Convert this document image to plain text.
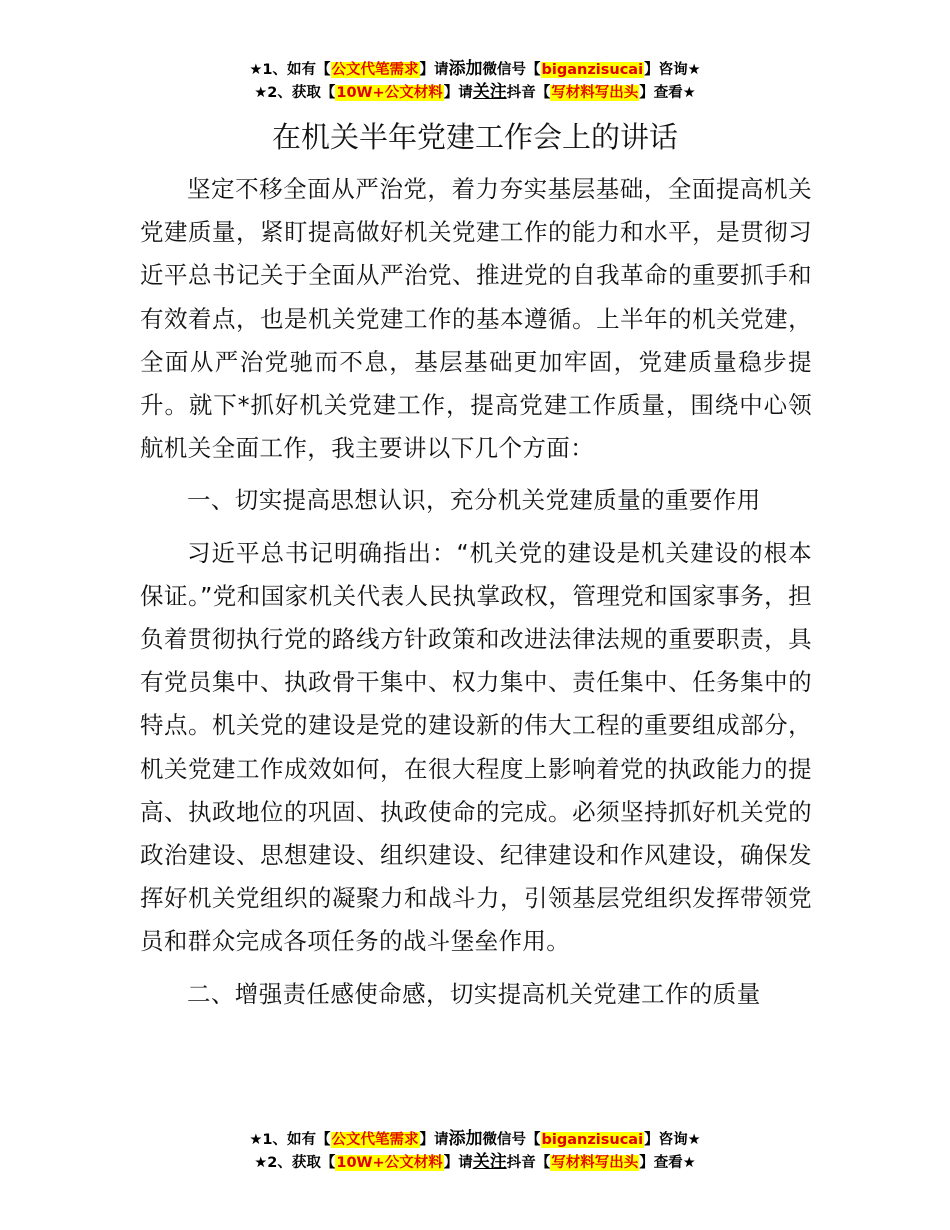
★1、如有【公文代笔需求】请添加微信号【biganzisucai】咨询★
★2、获取【10W+公文材料】请关注抖音【写材料写出头】查看★
在机关半年党建工作会上的讲话

坚定不移全面从严治党，着力夯实基层基础，全面提高机关党建质量，紧盯提高做好机关党建工作的能力和水平，是贯彻习近平总书记关于全面从严治党、推进党的自我革命的重要抓手和有效着点，也是机关党建工作的基本遵循。上半年的机关党建，全面从严治党驰而不息，基层基础更加牢固，党建质量稳步提升。就下*抓好机关党建工作，提高党建工作质量，围绕中心领航机关全面工作，我主要讲以下几个方面：

一、切实提高思想认识，充分机关党建质量的重要作用

习近平总书记明确指出：“机关党的建设是机关建设的根本保证。”党和国家机关代表人民执掌政权，管理党和国家事务，担负着贯彻执行党的路线方针政策和改进法律法规的重要职责，具有党员集中、执政骨干集中、权力集中、责任集中、任务集中的特点。机关党的建设是党的建设新的伟大工程的重要组成部分，机关党建工作成效如何，在很大程度上影响着党的执政能力的提高、执政地位的巩固、执政使命的完成。必须坚持抓好机关党的政治建设、思想建设、组织建设、纪律建设和作风建设，确保发挥好机关党组织的凝聚力和战斗力，引领基层党组织发挥带领党员和群众完成各项任务的战斗堡垒作用。

二、增强责任感使命感，切实提高机关党建工作的质量

★1、如有【公文代笔需求】请添加微信号【biganzisucai】咨询★
★2、获取【10W+公文材料】请关注抖音【写材料写出头】查看★
